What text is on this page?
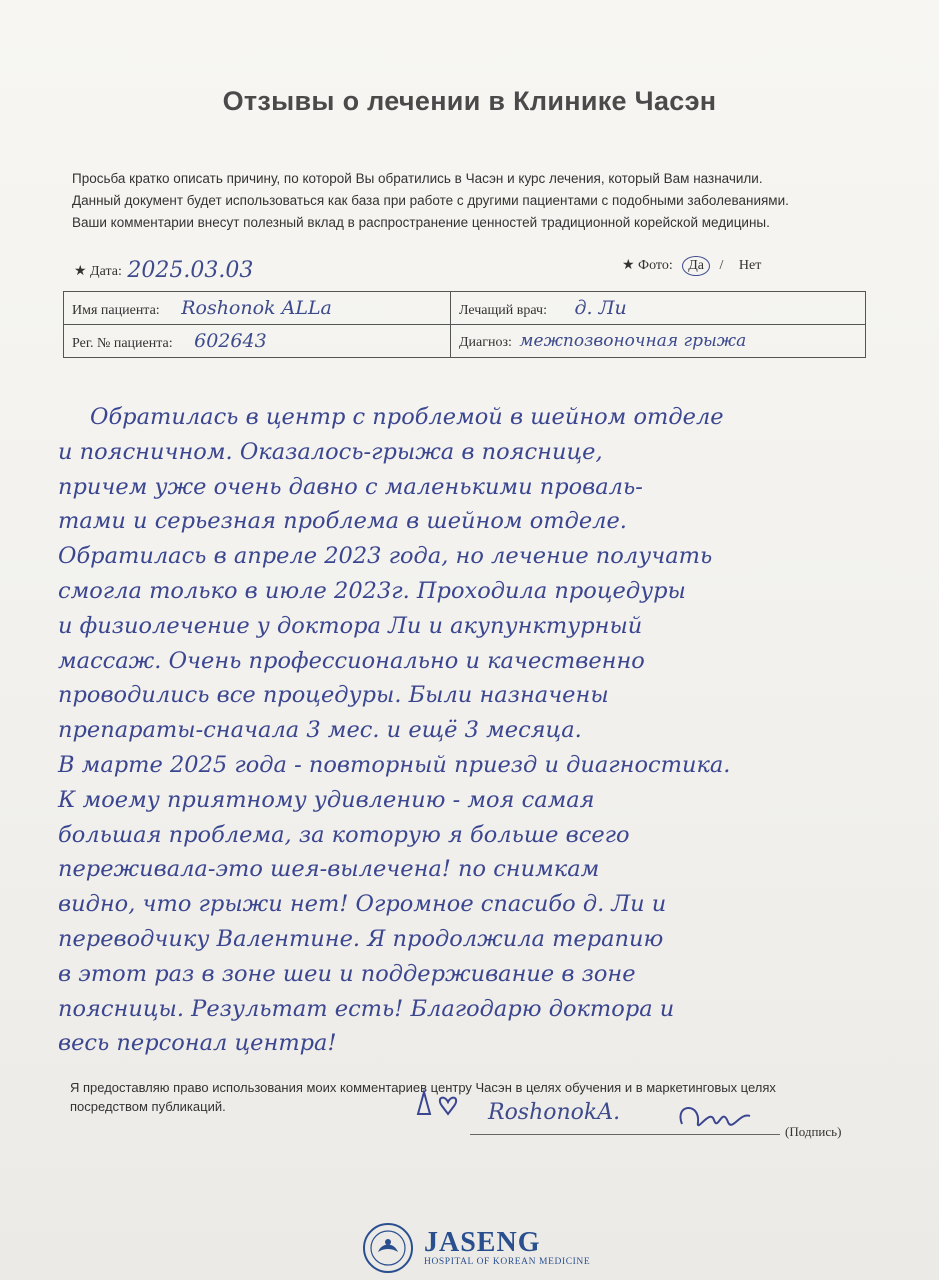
Отзывы о лечении в Клинике Часэн
Просьба кратко описать причину, по которой Вы обратились в Часэн и курс лечения, который Вам назначили.
Данный документ будет использоваться как база при работе с другими пациентами с подобными заболеваниями.
Ваши комментарии внесут полезный вклад в распространение ценностей традиционной корейской медицины.
★ Дата: 2025.03.03	★ Фото: Да / Нет
Имя пациента: Roshonok ALLa	Лечащий врач: д. Ли
Рег. № пациента: 602643	Диагноз: межпозвоночная грыжа
Обратилась в центр с проблемой в шейном отделе
и поясничном. Оказалось-грыжа в пояснице,
причем уже очень давно с маленькими проваль-
тами и серьезная проблема в шейном отделе.
Обратилась в апреле 2023 года, но лечение получать
смогла только в июле 2023г. Проходила процедуры
и физиолечение у доктора Ли и акупунктурный
массаж. Очень профессионально и качественно
проводились все процедуры. Были назначены
препараты-сначала 3 мес. и ещё 3 месяца.
В марте 2025 года - повторный приезд и диагностика.
К моему приятному удивлению - моя самая
большая проблема, за которую я больше всего
переживала-это шея-вылечена! по снимкам
видно, что грыжи нет! Огромное спасибо д. Ли и
переводчику Валентине. Я продолжила терапию
в этот раз в зоне шеи и поддерживание в зоне
поясницы. Результат есть! Благодарю доктора и
весь персонал центра!
Я предоставляю право использования моих комментариев центру Часэн в целях обучения и в маркетинговых целях
посредством публикаций.	RoshonokA.
(Подпись)
JASENG
HOSPITAL OF KOREAN MEDICINE
